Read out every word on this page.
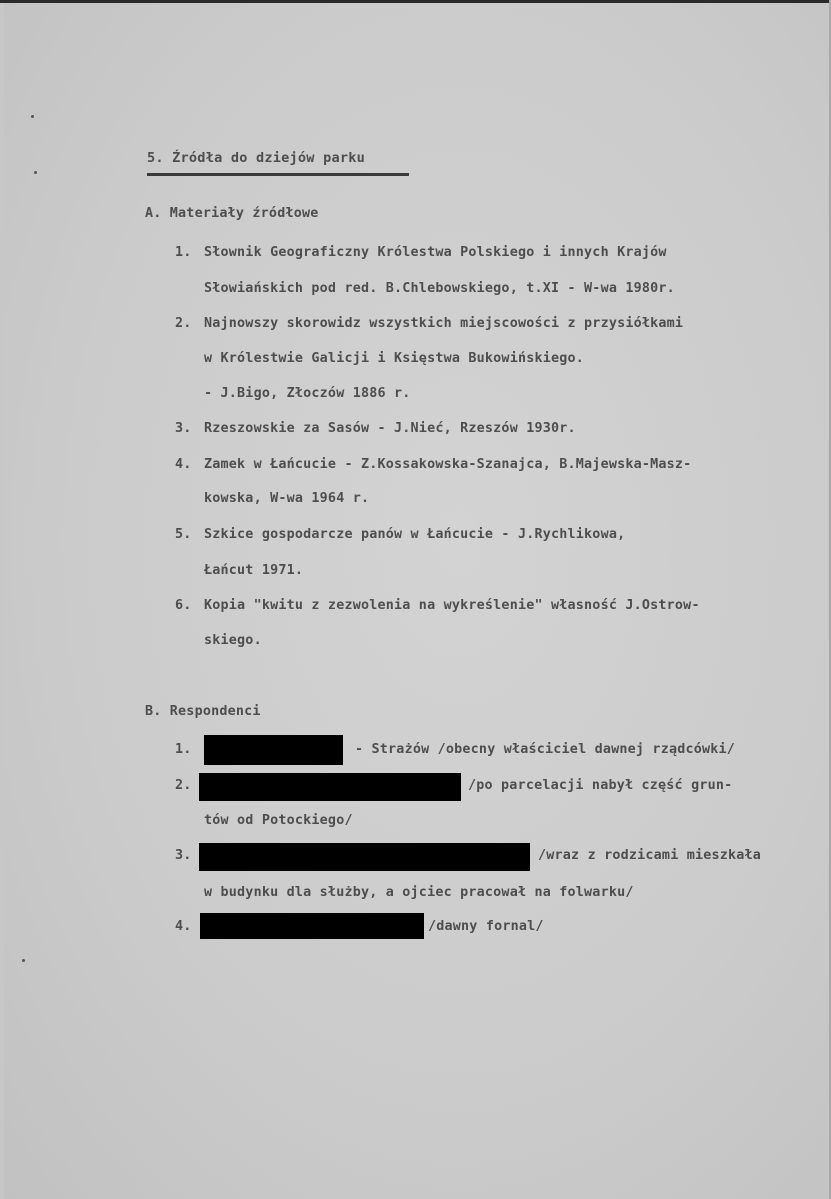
5. Źródła do dziejów parku
A. Materiały źródłowe
1. Słownik Geograficzny Królestwa Polskiego i innych Krajów
Słowiańskich pod red. B.Chlebowskiego, t.XI - W-wa 1980r.
2. Najnowszy skorowidz wszystkich miejscowości z przysiółkami
w Królestwie Galicji i Księstwa Bukowińskiego.
- J.Bigo, Złoczów 1886 r.
3. Rzeszowskie za Sasów - J.Nieć, Rzeszów 1930r.
4. Zamek w Łańcucie - Z.Kossakowska-Szanajca, B.Majewska-Masz-
kowska, W-wa 1964 r.
5. Szkice gospodarcze panów w Łańcucie - J.Rychlikowa,
Łańcut 1971.
6. Kopia "kwitu z zezwolenia na wykreślenie" własność J.Ostrow-
skiego.
B. Respondenci
1.	- Strażów /obecny właściciel dawnej rządcówki/
2.	/po parcelacji nabył część grun-
tów od Potockiego/
3.	/wraz z rodzicami mieszkała
w budynku dla służby, a ojciec pracował na folwarku/
4.	/dawny fornal/
